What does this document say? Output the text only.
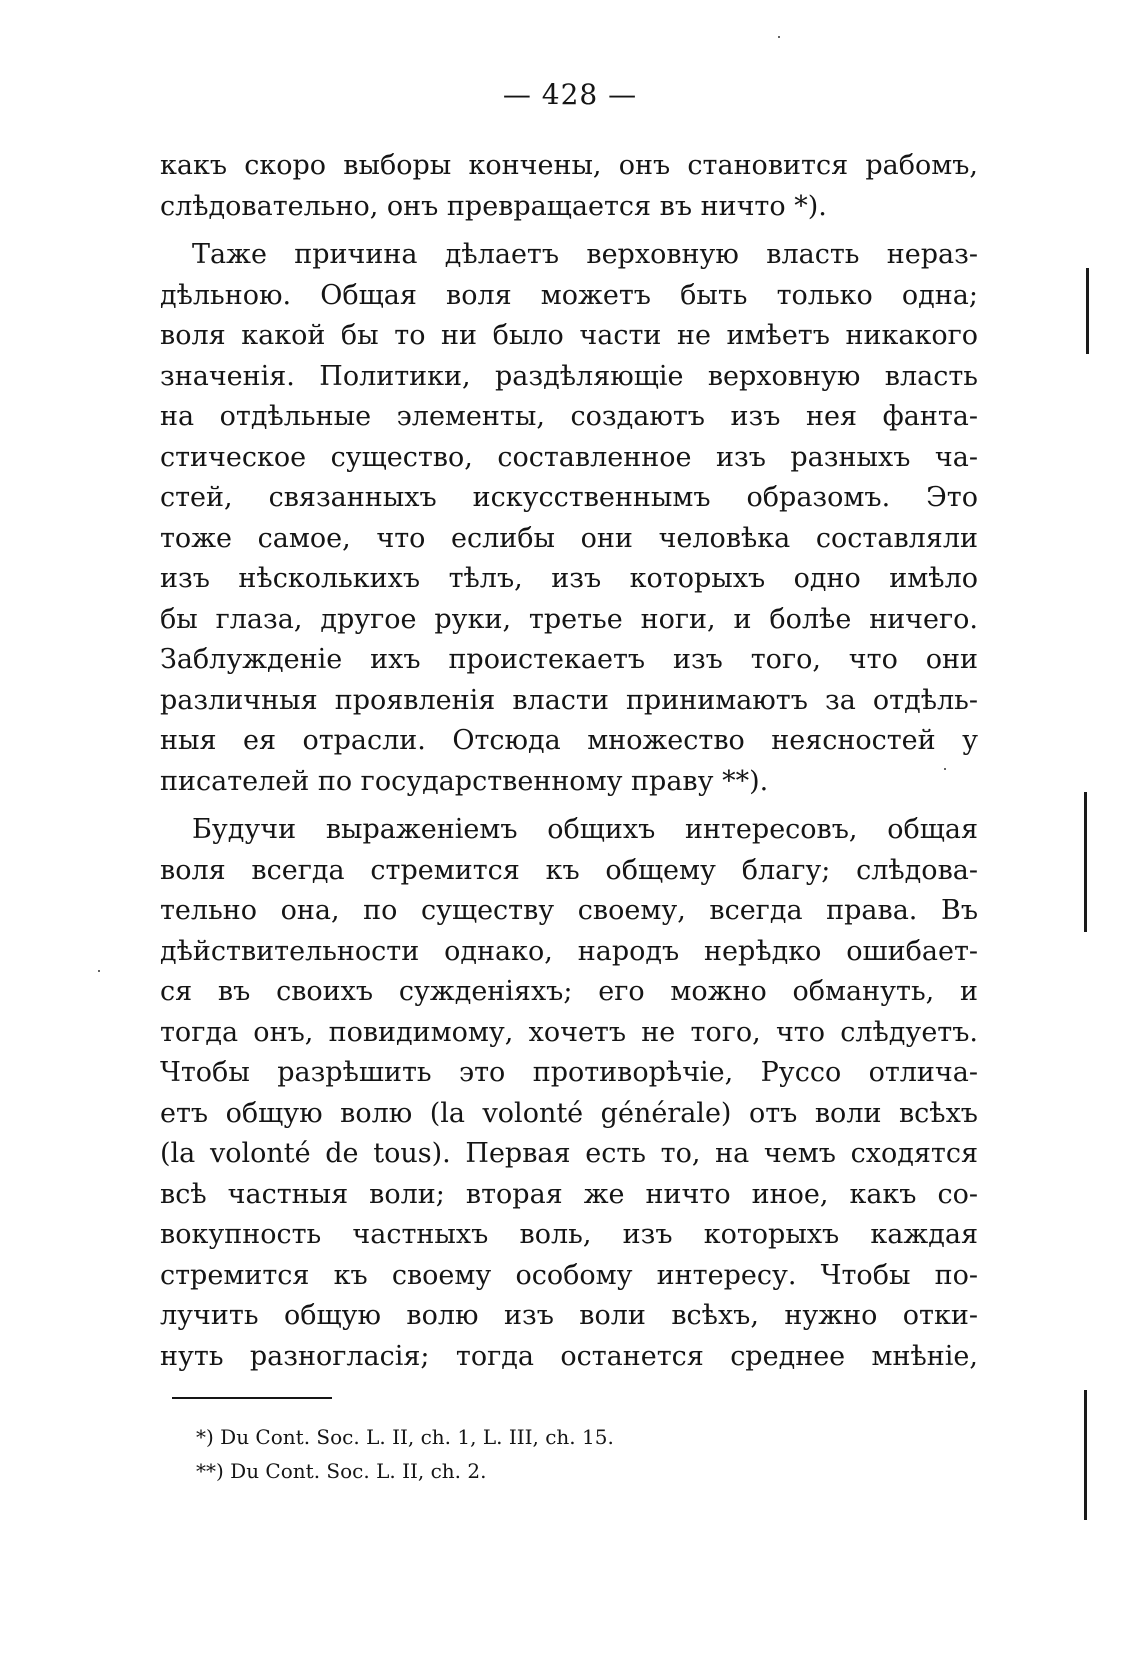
— 428 —
какъ скоро выборы кончены, онъ становится рабомъ,
слѣдовательно, онъ превращается въ ничто *).
Таже причина дѣлаетъ верховную власть нераз-
дѣльною. Общая воля можетъ быть только одна;
воля какой бы то ни было части не имѣетъ никакого
значенія. Политики, раздѣляющіе верховную власть
на отдѣльные элементы, создаютъ изъ нея фанта-
стическое существо, составленное изъ разныхъ ча-
стей, связанныхъ искусственнымъ образомъ. Это
тоже самое, что еслибы они человѣка составляли
изъ нѣсколькихъ тѣлъ, изъ которыхъ одно имѣло
бы глаза, другое руки, третье ноги, и болѣе ничего.
Заблужденіе ихъ проистекаетъ изъ того, что они
различныя проявленія власти принимаютъ за отдѣль-
ныя ея отрасли. Отсюда множество неясностей у
писателей по государственному праву **).
Будучи выраженіемъ общихъ интересовъ, общая
воля всегда стремится къ общему благу; слѣдова-
тельно она, по существу своему, всегда права. Въ
дѣйствительности однако, народъ нерѣдко ошибает-
ся въ своихъ сужденіяхъ; его можно обмануть, и
тогда онъ, повидимому, хочетъ не того, что слѣдуетъ.
Чтобы разрѣшить это противорѣчіе, Руссо отлича-
етъ общую волю (la volonté générale) отъ воли всѣхъ
(la volonté de tous). Первая есть то, на чемъ сходятся
всѣ частныя воли; вторая же ничто иное, какъ со-
вокупность частныхъ воль, изъ которыхъ каждая
стремится къ своему особому интересу. Чтобы по-
лучить общую волю изъ воли всѣхъ, нужно отки-
нуть разногласія; тогда останется среднее мнѣніе,
*) Du Cont. Soc. L. II, ch. 1, L. III, ch. 15.
**) Du Cont. Soc. L. II, ch. 2.
